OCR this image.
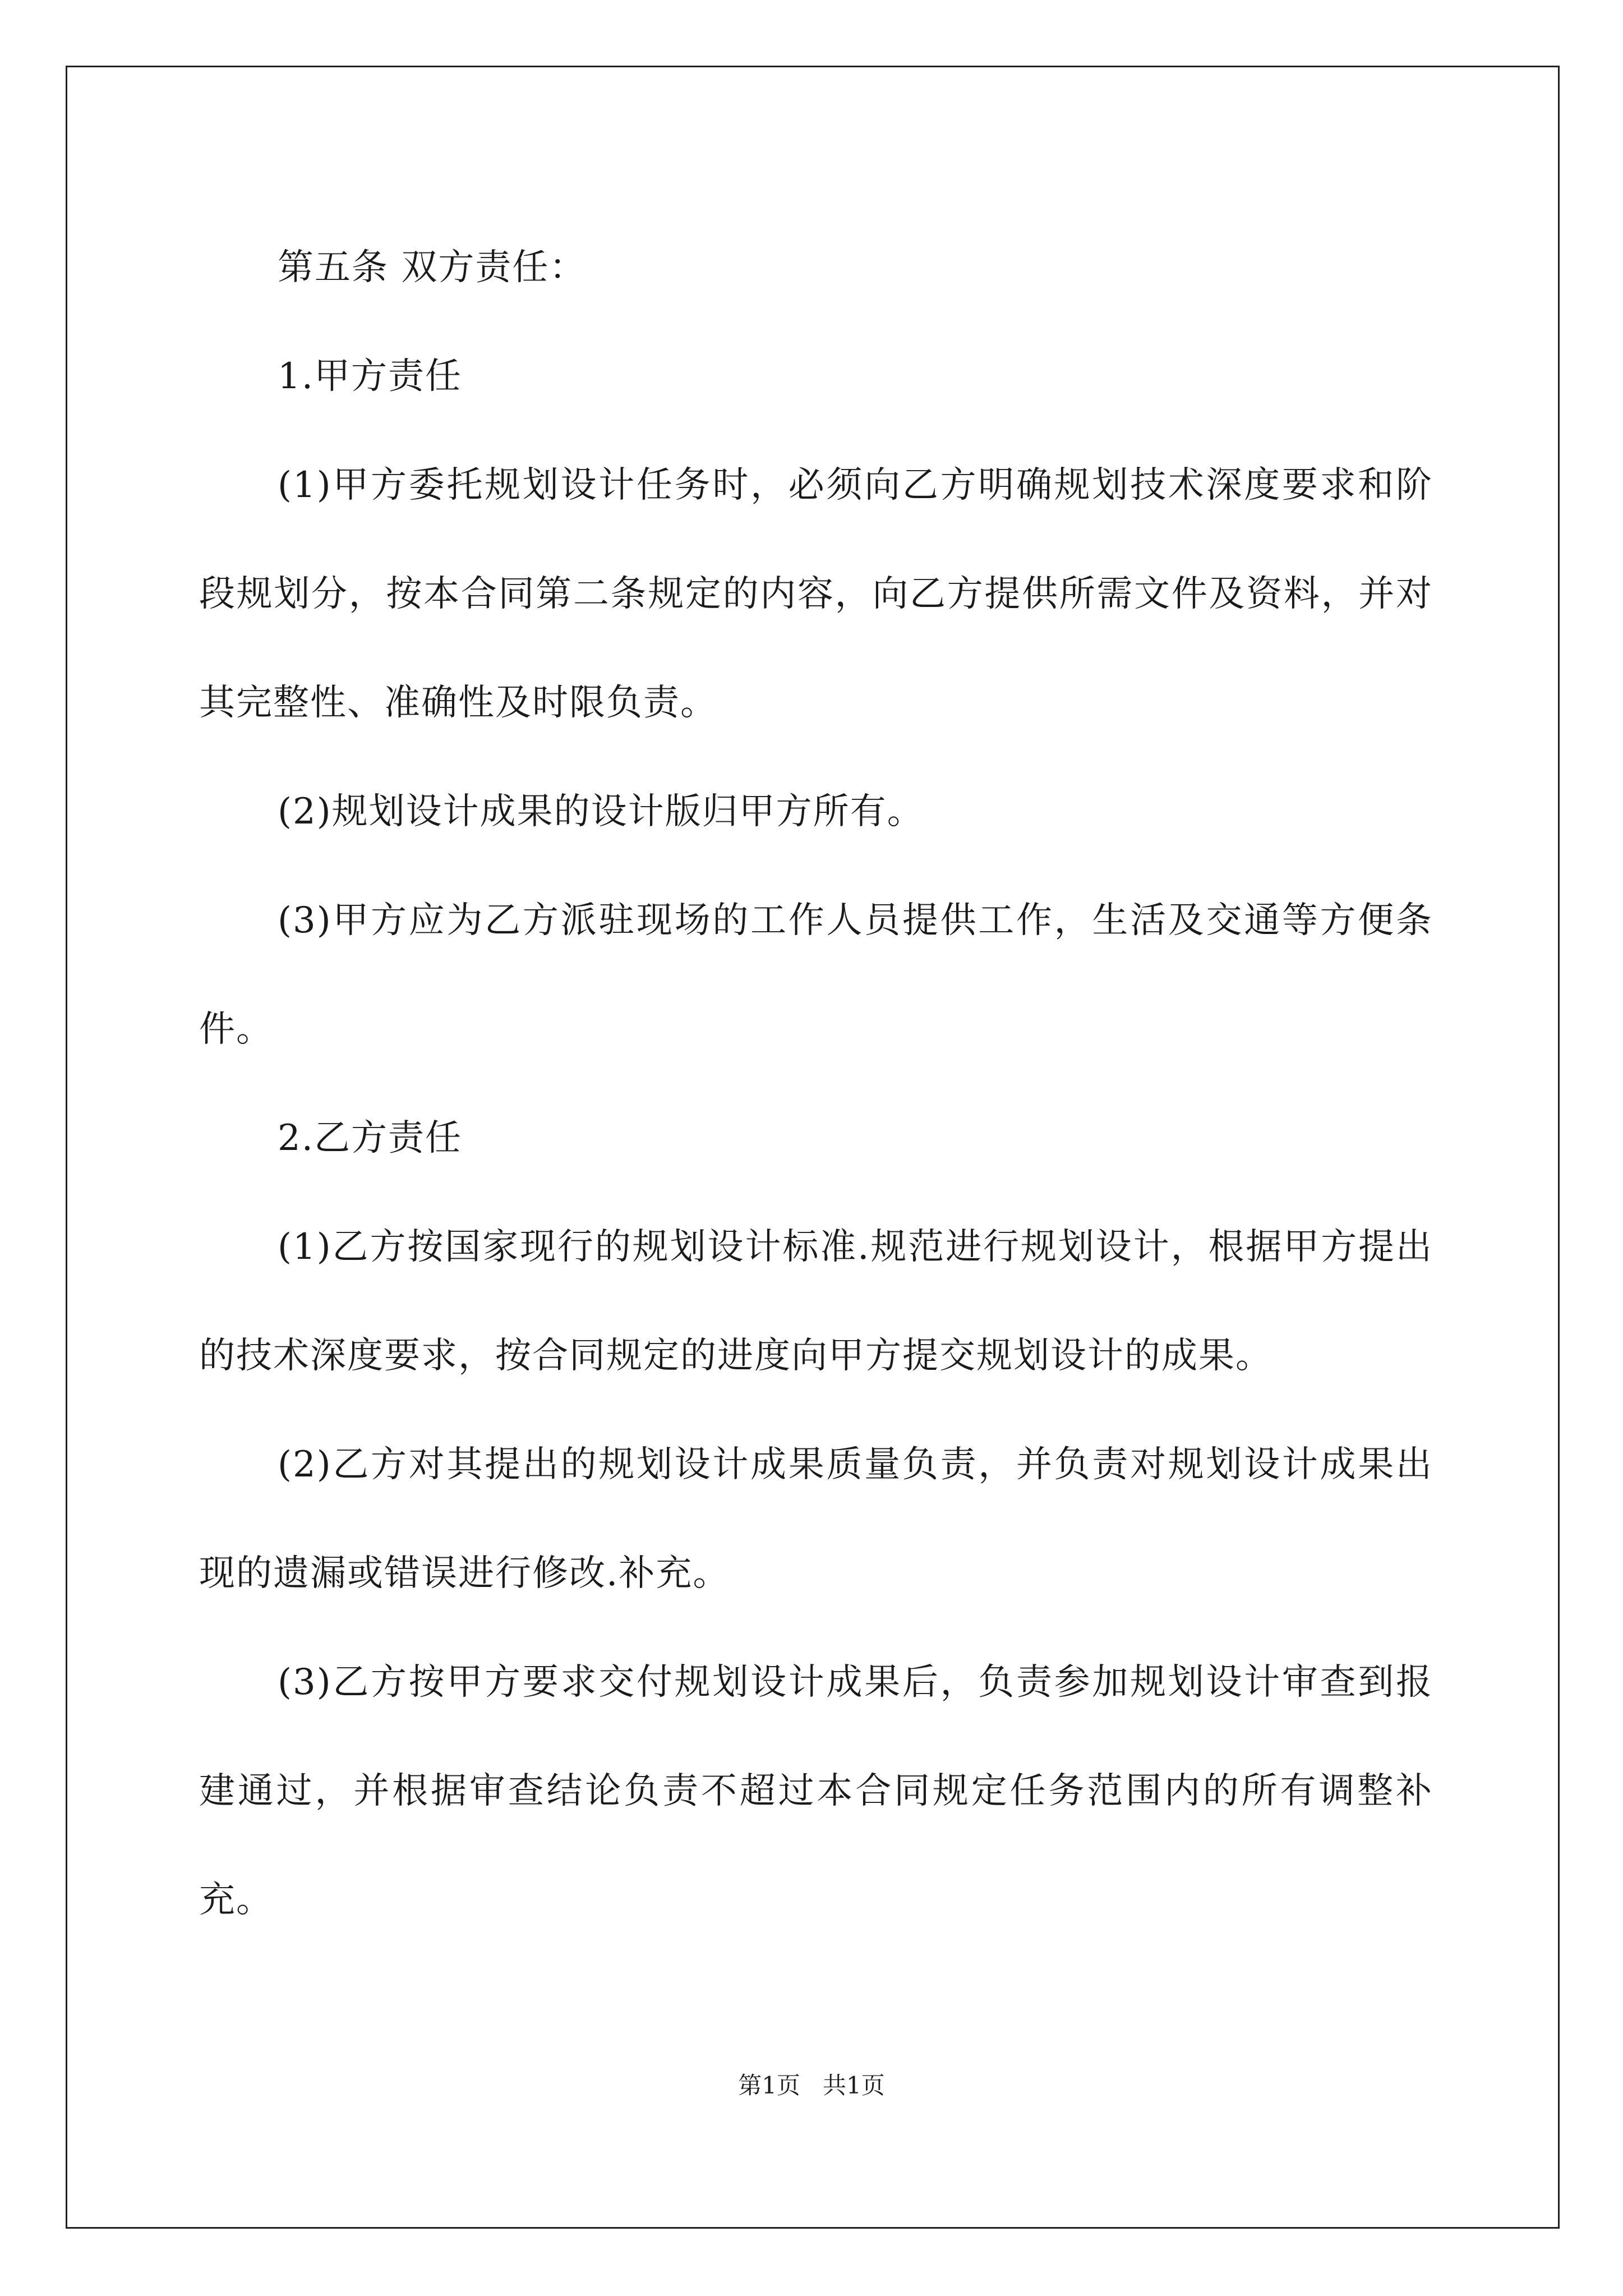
第五条 双方责任：

1.甲方责任

(1)甲方委托规划设计任务时，必须向乙方明确规划技术深度要求和阶段规划分，按本合同第二条规定的内容，向乙方提供所需文件及资料，并对其完整性、准确性及时限负责。

(2)规划设计成果的设计版归甲方所有。

(3)甲方应为乙方派驻现场的工作人员提供工作，生活及交通等方便条件。

2.乙方责任

(1)乙方按国家现行的规划设计标准.规范进行规划设计，根据甲方提出的技术深度要求，按合同规定的进度向甲方提交规划设计的成果。

(2)乙方对其提出的规划设计成果质量负责，并负责对规划设计成果出现的遗漏或错误进行修改.补充。

(3)乙方按甲方要求交付规划设计成果后，负责参加规划设计审查到报建通过，并根据审查结论负责不超过本合同规定任务范围内的所有调整补充。

第1页   共1页
